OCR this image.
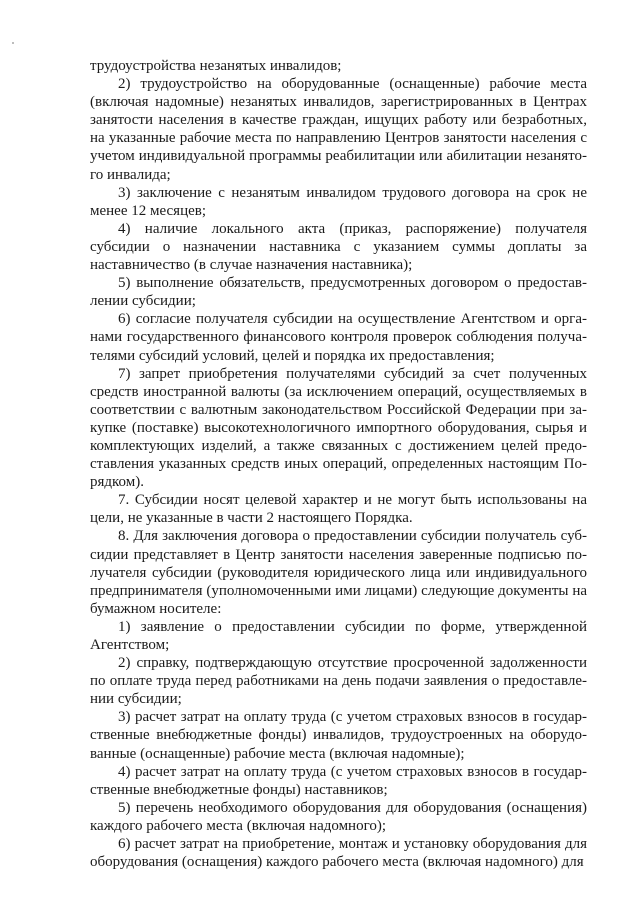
трудоустройства незанятых инвалидов;

2) трудоустройство на оборудованные (оснащенные) рабочие места (включая надомные) незанятых инвалидов, зарегистрированных в Центрах занятости населения в качестве граждан, ищущих работу или безработных, на указанные рабочие места по направлению Центров занятости населения с учетом индивидуальной программы реабилитации или абилитации незанятого инвалида;

3) заключение с незанятым инвалидом трудового договора на срок не менее 12 месяцев;

4) наличие локального акта (приказ, распоряжение) получателя субсидии о назначении наставника с указанием суммы доплаты за наставничество (в случае назначения наставника);

5) выполнение обязательств, предусмотренных договором о предоставлении субсидии;

6) согласие получателя субсидии на осуществление Агентством и органами государственного финансового контроля проверок соблюдения получателями субсидий условий, целей и порядка их предоставления;

7) запрет приобретения получателями субсидий за счет полученных средств иностранной валюты (за исключением операций, осуществляемых в соответствии с валютным законодательством Российской Федерации при закупке (поставке) высокотехнологичного импортного оборудования, сырья и комплектующих изделий, а также связанных с достижением целей предоставления указанных средств иных операций, определенных настоящим Порядком).

7. Субсидии носят целевой характер и не могут быть использованы на цели, не указанные в части 2 настоящего Порядка.

8. Для заключения договора о предоставлении субсидии получатель субсидии представляет в Центр занятости населения заверенные подписью получателя субсидии (руководителя юридического лица или индивидуального предпринимателя (уполномоченными ими лицами) следующие документы на бумажном носителе:

1) заявление о предоставлении субсидии по форме, утвержденной Агентством;

2) справку, подтверждающую отсутствие просроченной задолженности по оплате труда перед работниками на день подачи заявления о предоставлении субсидии;

3) расчет затрат на оплату труда (с учетом страховых взносов в государственные внебюджетные фонды) инвалидов, трудоустроенных на оборудованные (оснащенные) рабочие места (включая надомные);

4) расчет затрат на оплату труда (с учетом страховых взносов в государственные внебюджетные фонды) наставников;

5) перечень необходимого оборудования для оборудования (оснащения) каждого рабочего места (включая надомного);

6) расчет затрат на приобретение, монтаж и установку оборудования для оборудования (оснащения) каждого рабочего места (включая надомного) для
